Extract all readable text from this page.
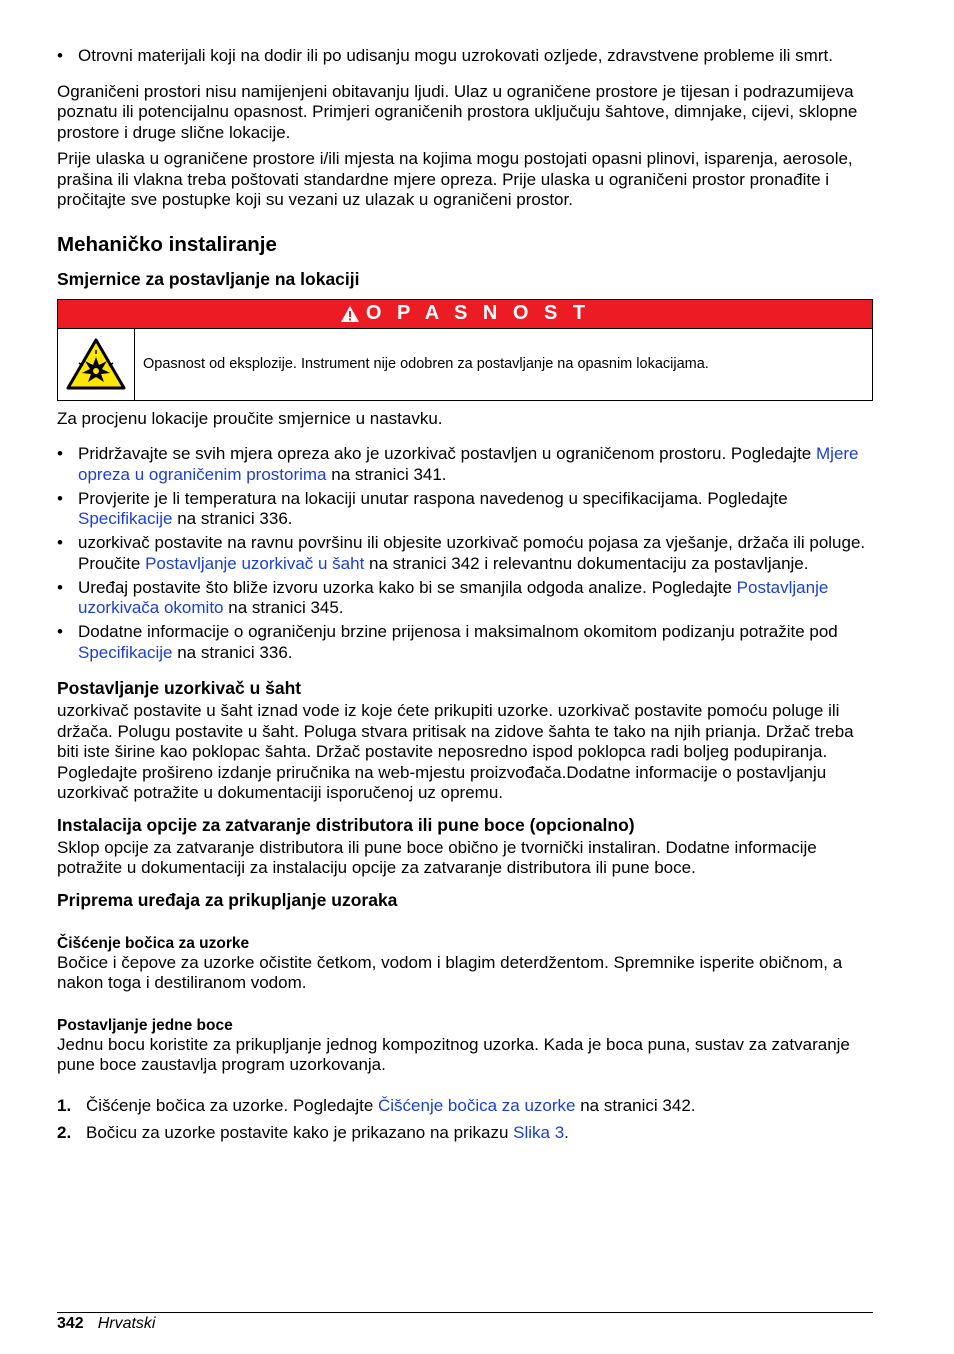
• Otrovni materijali koji na dodir ili po udisanju mogu uzrokovati ozljede, zdravstvene probleme ili smrt.

Ograničeni prostori nisu namijenjeni obitavanju ljudi. Ulaz u ograničene prostore je tijesan i podrazumijeva poznatu ili potencijalnu opasnost. Primjeri ograničenih prostora uključuju šahtove, dimnjake, cijevi, sklopne prostore i druge slične lokacije.

Prije ulaska u ograničene prostore i/ili mjesta na kojima mogu postojati opasni plinovi, isparenja, aerosole, prašina ili vlakna treba poštovati standardne mjere opreza. Prije ulaska u ograničeni prostor pronađite i pročitajte sve postupke koji su vezani uz ulazak u ograničeni prostor.

Mehaničko instaliranje
Smjernice za postavljanje na lokaciji
O P A S N O S T
Opasnost od eksplozije. Instrument nije odobren za postavljanje na opasnim lokacijama.

Za procjenu lokacije proučite smjernice u nastavku.

• Pridržavajte se svih mjera opreza ako je uzorkivač postavljen u ograničenom prostoru. Pogledajte Mjere opreza u ograničenim prostorima na stranici 341.
• Provjerite je li temperatura na lokaciji unutar raspona navedenog u specifikacijama. Pogledajte Specifikacije na stranici 336.
• uzorkivač postavite na ravnu površinu ili objesite uzorkivač pomoću pojasa za vješanje, držača ili poluge. Proučite Postavljanje uzorkivač u šaht na stranici 342 i relevantnu dokumentaciju za postavljanje.
• Uređaj postavite što bliže izvoru uzorka kako bi se smanjila odgoda analize. Pogledajte Postavljanje uzorkivača okomito na stranici 345.
• Dodatne informacije o ograničenju brzine prijenosa i maksimalnom okomitom podizanju potražite pod Specifikacije na stranici 336.
Postavljanje uzorkivač u šaht

uzorkivač postavite u šaht iznad vode iz koje ćete prikupiti uzorke. uzorkivač postavite pomoću poluge ili držača. Polugu postavite u šaht. Poluga stvara pritisak na zidove šahta te tako na njih prianja. Držač treba biti iste širine kao poklopac šahta. Držač postavite neposredno ispod poklopca radi boljeg podupiranja. Pogledajte prošireno izdanje priručnika na web-mjestu proizvođača.Dodatne informacije o postavljanju uzorkivač potražite u dokumentaciji isporučenoj uz opremu.

Instalacija opcije za zatvaranje distributora ili pune boce (opcionalno)

Sklop opcije za zatvaranje distributora ili pune boce obično je tvornički instaliran. Dodatne informacije potražite u dokumentaciji za instalaciju opcije za zatvaranje distributora ili pune boce.

Priprema uređaja za prikupljanje uzoraka
Čišćenje bočica za uzorke

Bočice i čepove za uzorke očistite četkom, vodom i blagim deterdžentom. Spremnike isperite običnom, a nakon toga i destiliranom vodom.

Postavljanje jedne boce

Jednu bocu koristite za prikupljanje jednog kompozitnog uzorka. Kada je boca puna, sustav za zatvaranje pune boce zaustavlja program uzorkovanja.

1. Čišćenje bočica za uzorke. Pogledajte Čišćenje bočica za uzorke na stranici 342.
2. Bočicu za uzorke postavite kako je prikazano na prikazu Slika 3.
342 Hrvatski
